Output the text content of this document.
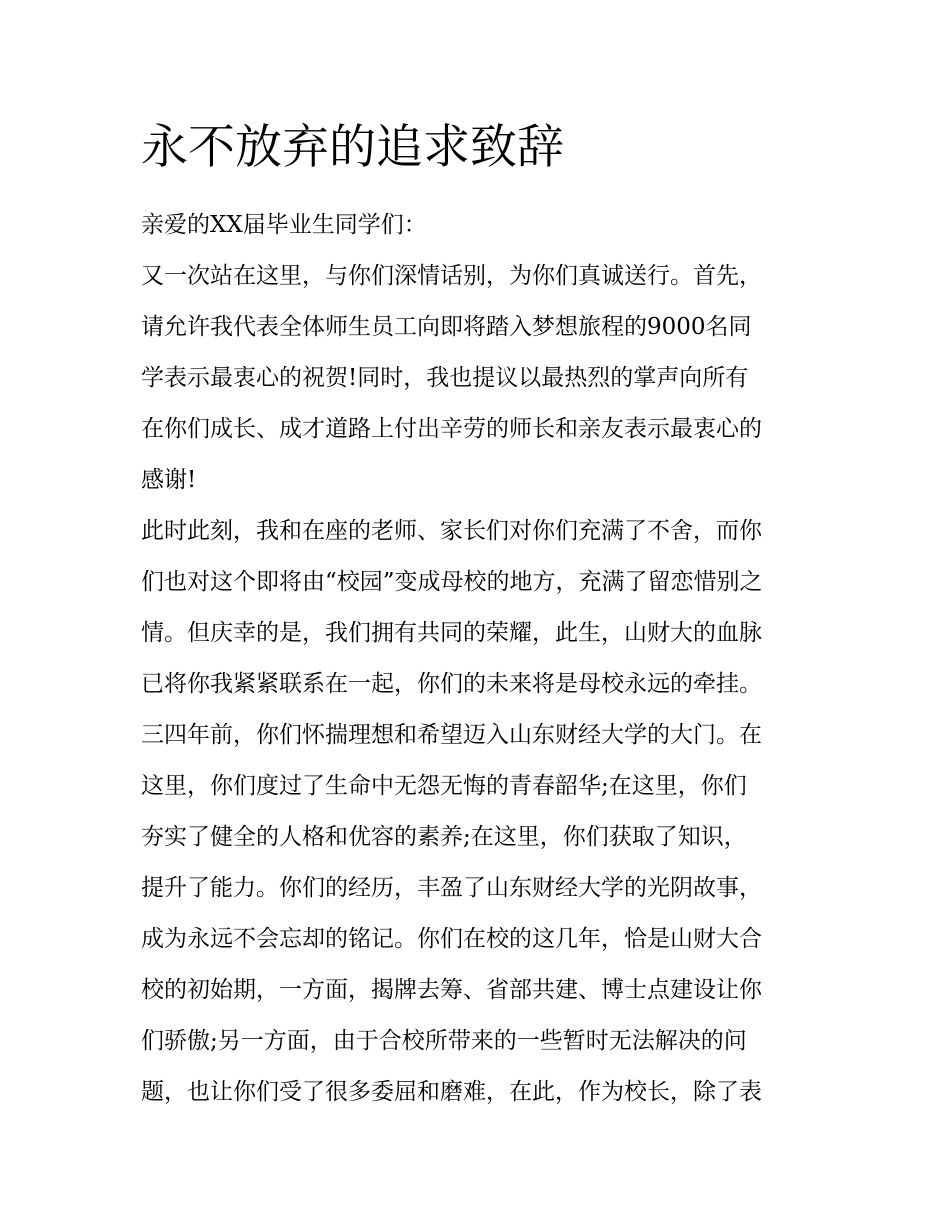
永不放弃的追求致辞

亲爱的XX届毕业生同学们：

又一次站在这里，与你们深情话别，为你们真诚送行。首先，

请允许我代表全体师生员工向即将踏入梦想旅程的9000名同

学表示最衷心的祝贺!同时，我也提议以最热烈的掌声向所有

在你们成长、成才道路上付出辛劳的师长和亲友表示最衷心的

感谢!

此时此刻，我和在座的老师、家长们对你们充满了不舍，而你

们也对这个即将由“校园”变成母校的地方，充满了留恋惜别之

情。但庆幸的是，我们拥有共同的荣耀，此生，山财大的血脉

已将你我紧紧联系在一起，你们的未来将是母校永远的牵挂。

三四年前，你们怀揣理想和希望迈入山东财经大学的大门。在

这里，你们度过了生命中无怨无悔的青春韶华;在这里，你们

夯实了健全的人格和优容的素养;在这里，你们获取了知识，

提升了能力。你们的经历，丰盈了山东财经大学的光阴故事，

成为永远不会忘却的铭记。你们在校的这几年，恰是山财大合

校的初始期，一方面，揭牌去筹、省部共建、博士点建设让你

们骄傲;另一方面，由于合校所带来的一些暂时无法解决的问

题，也让你们受了很多委屈和磨难，在此，作为校长，除了表
